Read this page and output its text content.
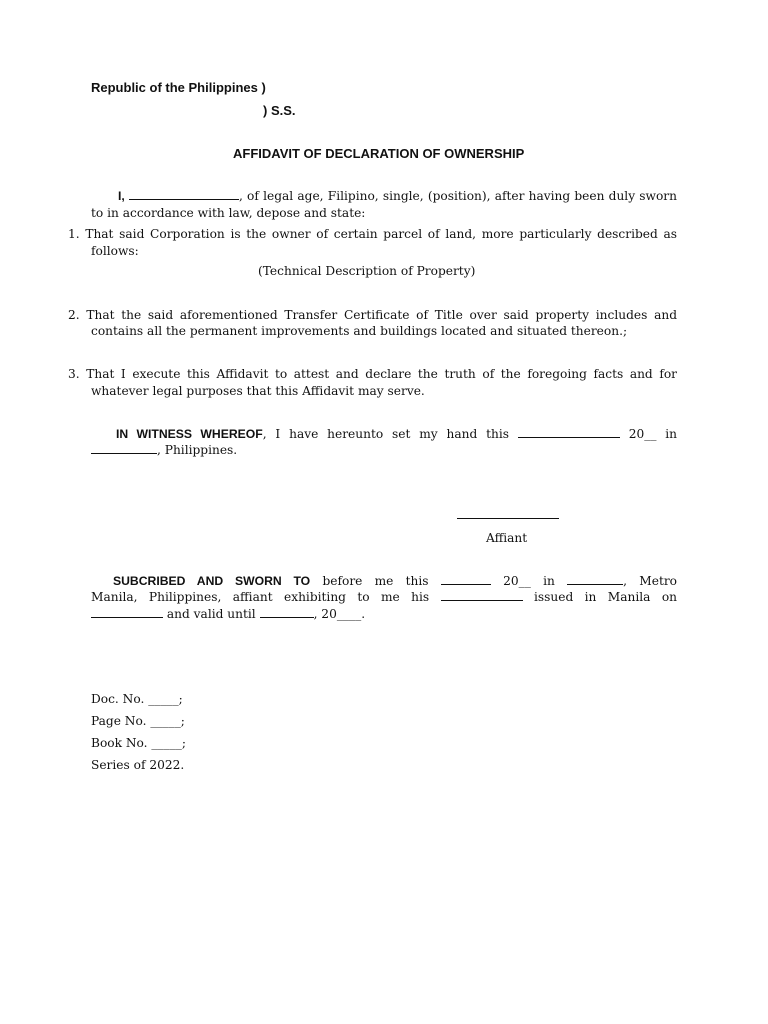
Republic of the Philippines )
) S.S.
AFFIDAVIT OF DECLARATION OF OWNERSHIP
I,	, of legal age, Filipino, single, (position), after having been duly sworn
to in accordance with law, depose and state:
1. That said Corporation is the owner of certain parcel of land, more particularly described as
follows:
(Technical Description of Property)
2. That the said aforementioned Transfer Certificate of Title over said property includes and
contains all the permanent improvements and buildings located and situated thereon.;
3. That I execute this Affidavit to attest and declare the truth of the foregoing facts and for
whatever legal purposes that this Affidavit may serve.
IN WITNESS WHEREOF, I have hereunto set my hand this	20__ in
, Philippines.
Affiant
SUBCRIBED AND SWORN TO before me this	20__ in	, Metro
Manila, Philippines, affiant exhibiting to me his	issued in Manila on
and valid until	, 20____.
Doc. No. _____;
Page No. _____;
Book No. _____;
Series of 2022.
